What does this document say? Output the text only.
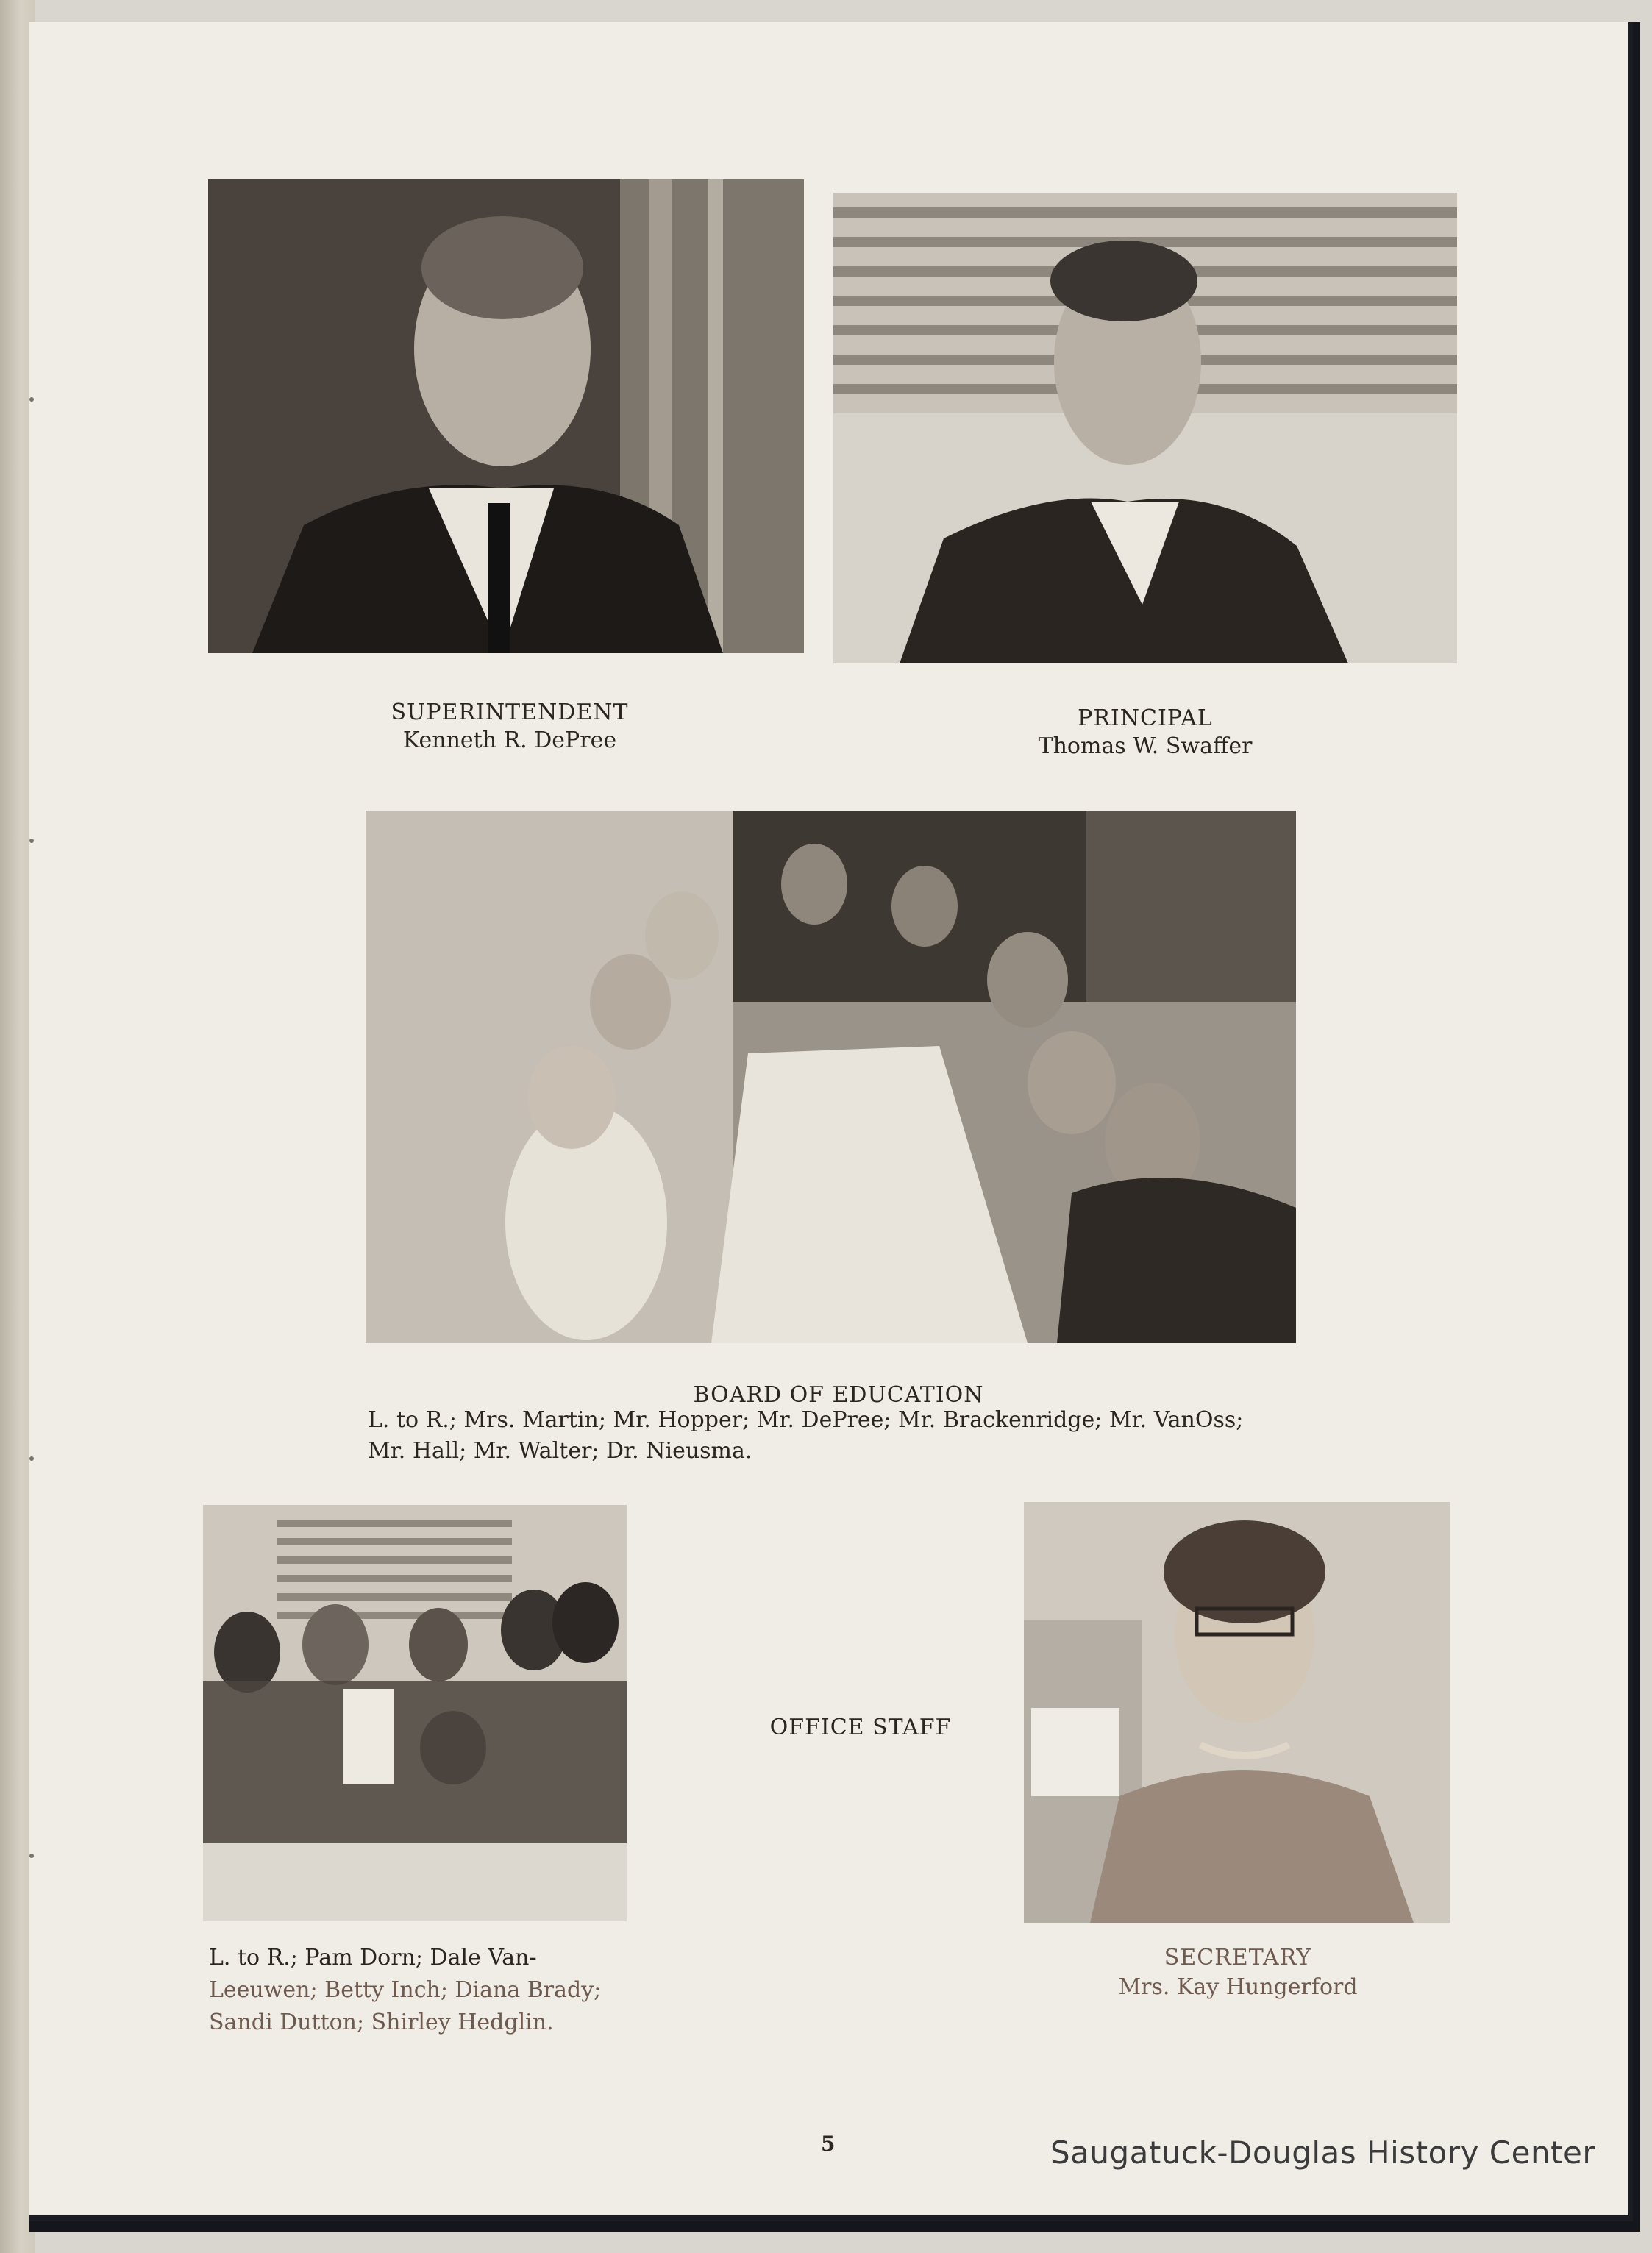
SUPERINTENDENT
Kenneth R. DePree
PRINCIPAL
Thomas W. Swaffer
BOARD OF EDUCATION
L. to R.; Mrs. Martin; Mr. Hopper; Mr. DePree; Mr. Brackenridge; Mr. VanOss;
Mr. Hall; Mr. Walter; Dr. Nieusma.
OFFICE STAFF
L. to R.; Pam Dorn; Dale Van-
Leeuwen; Betty Inch; Diana Brady;
Sandi Dutton; Shirley Hedglin.
SECRETARY
Mrs. Kay Hungerford
5	Saugatuck-Douglas History Center
